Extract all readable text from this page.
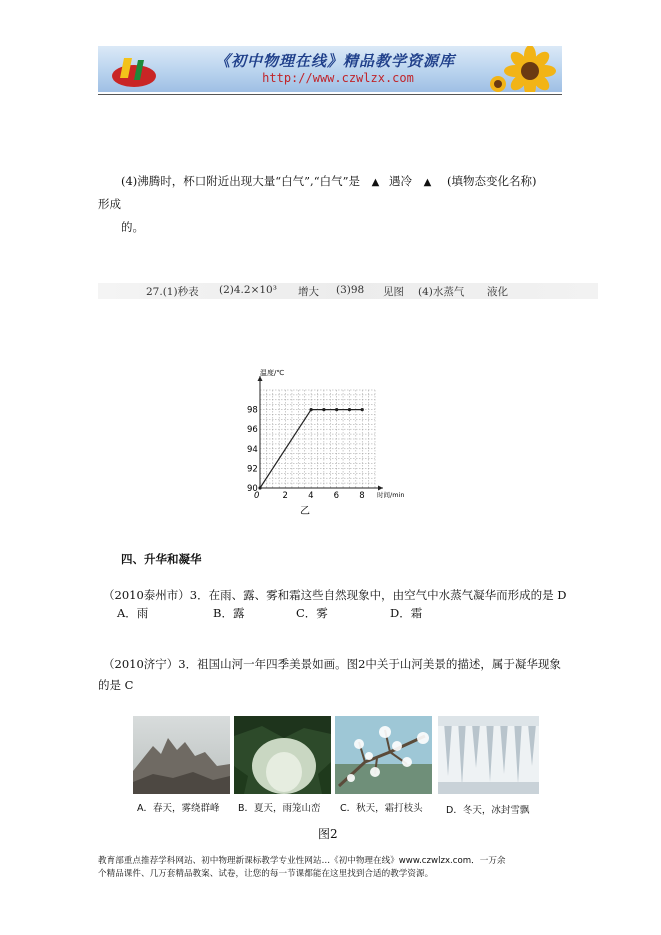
《初中物理在线》精品教学资源库
http://www.czwlzx.com
(4)沸腾时，杯口附近出现大量“白气”,“白气”是 ▲ 遇冷 ▲ (填物态变化名称)
形成
的。
27.(1)秒表 (2)4.2×10³ 增大 (3)98 见图 (4)水蒸气 液化
0	2 4 6 8
90
92
94
96
98
温度/℃
时间/min
乙
四、升华和凝华
（2010泰州市）3．在雨、露、雾和霜这些自然现象中，由空气中水蒸气凝华而形成的是 D
A．雨	B．露	C．雾	D．霜
（2010济宁）3．祖国山河一年四季美景如画。图2中关于山河美景的描述，属于凝华现象
的是 C
A．春天，雾绕群峰 B．夏天，雨笼山峦 C．秋天，霜打枝头 D．冬天，冰封雪飘
图2
教育部重点推荐学科网站、初中物理新课标教学专业性网站…《初中物理在线》www.czwlzx.com．一万余
个精品课件、几万套精品教案、试卷，让您的每一节课都能在这里找到合适的教学资源。
